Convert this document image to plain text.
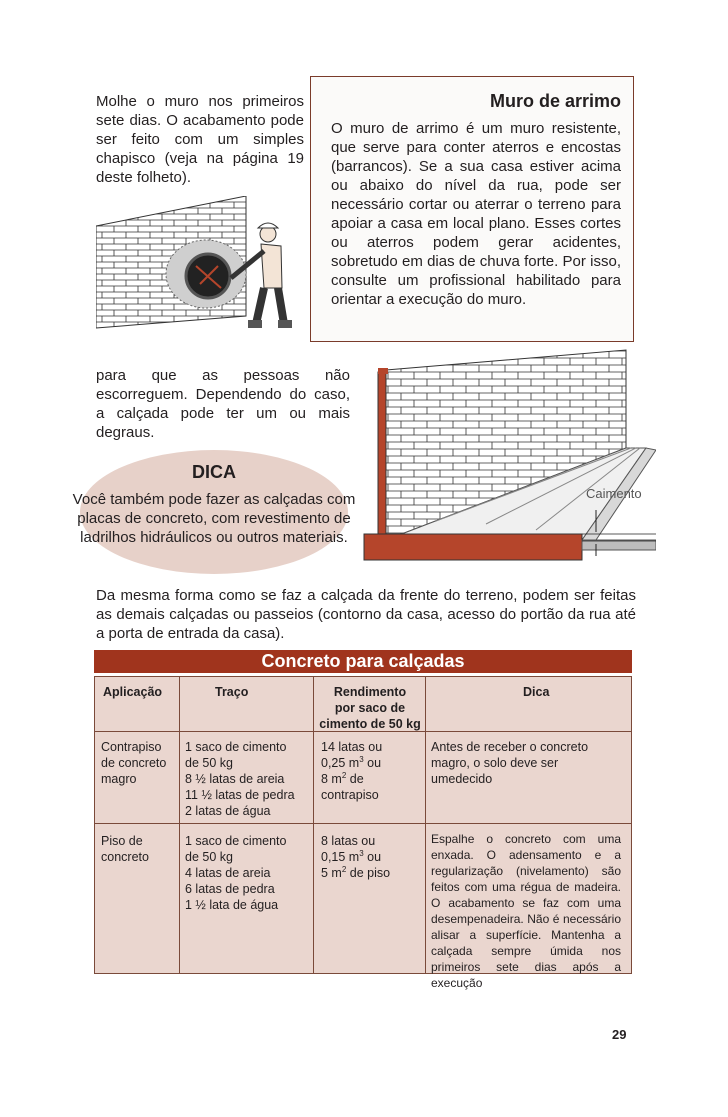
Molhe o muro nos primeiros sete dias. O acabamento pode ser feito com um simples chapisco (veja na página 19 deste folheto).
Muro de arrimo
O muro de arrimo é um muro resistente, que serve para conter aterros e encostas (barrancos). Se a sua casa estiver acima ou abaixo do nível da rua, pode ser necessário cortar ou aterrar o terreno para apoiar a casa em local plano. Esses cortes ou aterros podem gerar acidentes, sobretudo em dias de chuva forte. Por isso, consulte um profissional habilitado para orientar a execução do muro.
para que as pessoas não escorreguem. Dependendo do caso, a calçada pode ter um ou mais degraus.
DICA
Você também pode fazer as calçadas com placas de concreto, com revestimento de ladrilhos hidráulicos ou outros materiais.
Caimento
Da mesma forma como se faz a calçada da frente do terreno, podem ser feitas as demais calçadas ou passeios (contorno da casa, acesso do portão da rua até a porta de entrada da casa).
Concreto para calçadas
Aplicação	Traço	Rendimento
por saco de
cimento de 50 kg
Dica
Contrapiso
de concreto
magro
1 saco de cimento
de 50 kg
8 ½ latas de areia
11 ½ latas de pedra
2 latas de água
14 latas ou
0,25 $m^3$ ou
8 $m^2$ de
contrapiso
Antes de receber o concreto magro, o solo deve ser umedecido
Piso de
concreto
1 saco de cimento
de 50 kg
4 latas de areia
6 latas de pedra
1 ½ lata de água
8 latas ou
0,15 $m^3$ ou
5 $m^2$ de piso
Espalhe o concreto com uma enxada. O adensamento e a regularização (nivelamento) são feitos com uma régua de madeira. O acabamento se faz com uma desempenadeira. Não é necessário alisar a superfície. Mantenha a calçada sempre úmida nos primeiros sete dias após a execução
29
